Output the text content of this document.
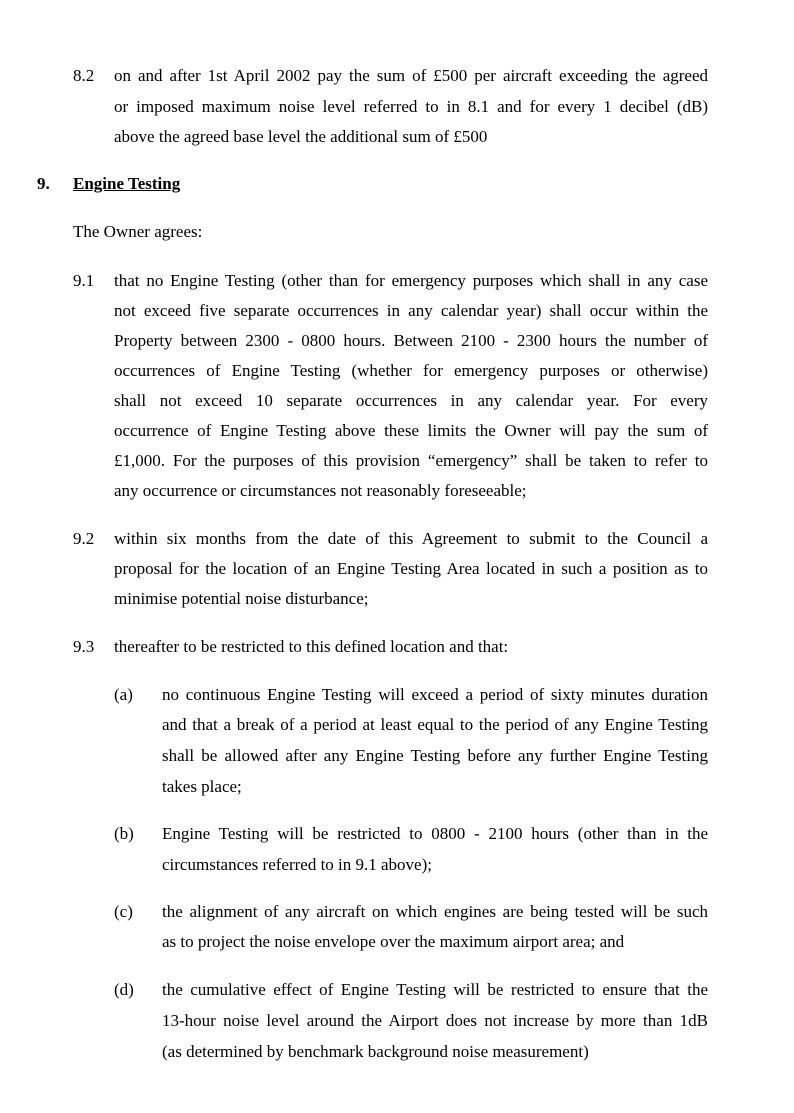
8.2 on and after 1st April 2002 pay the sum of £500 per aircraft exceeding the agreed
or imposed maximum noise level referred to in 8.1 and for every 1 decibel (dB)
above the agreed base level the additional sum of £500
9. Engine Testing
The Owner agrees:
9.1 that no Engine Testing (other than for emergency purposes which shall in any case
not exceed five separate occurrences in any calendar year) shall occur within the
Property between 2300 - 0800 hours. Between 2100 - 2300 hours the number of
occurrences of Engine Testing (whether for emergency purposes or otherwise)
shall not exceed 10 separate occurrences in any calendar year. For every
occurrence of Engine Testing above these limits the Owner will pay the sum of
£1,000. For the purposes of this provision “emergency” shall be taken to refer to
any occurrence or circumstances not reasonably foreseeable;
9.2 within six months from the date of this Agreement to submit to the Council a
proposal for the location of an Engine Testing Area located in such a position as to
minimise potential noise disturbance;
9.3 thereafter to be restricted to this defined location and that:
(a) no continuous Engine Testing will exceed a period of sixty minutes duration
and that a break of a period at least equal to the period of any Engine Testing
shall be allowed after any Engine Testing before any further Engine Testing
takes place;
(b) Engine Testing will be restricted to 0800 - 2100 hours (other than in the
circumstances referred to in 9.1 above);
(c) the alignment of any aircraft on which engines are being tested will be such
as to project the noise envelope over the maximum airport area; and
(d) the cumulative effect of Engine Testing will be restricted to ensure that the
13-hour noise level around the Airport does not increase by more than 1dB
(as determined by benchmark background noise measurement)
